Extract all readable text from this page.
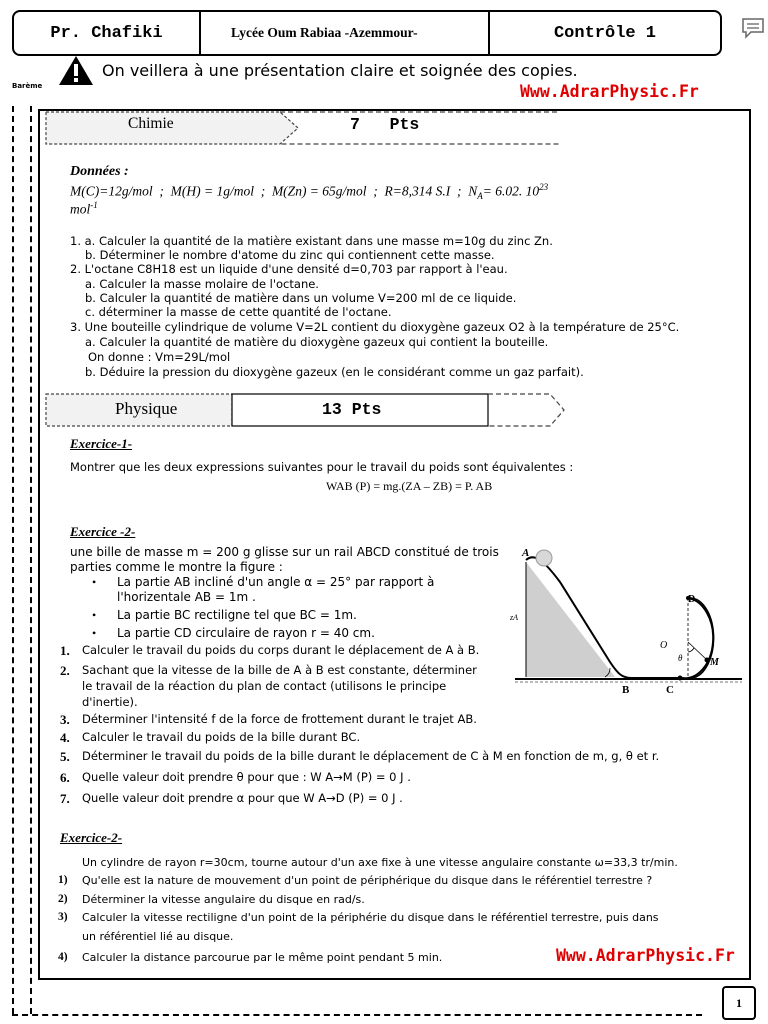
Pr. Chafiki	Lycée Oum Rabiaa -Azemmour-	Contrôle 1
On veillera à une présentation claire et soignée des copies.
Barème	Www.AdrarPhysic.Fr
Chimie	7   Pts
Données :
M(C)=12g/mol  ;  M(H) = 1g/mol  ;  M(Zn) = 65g/mol  ;  R=8,314 S.I  ;  $N_A= 6.02$. $10^{23}$
mol$^{-1}$
1. a. Calculer la quantité de la matière existant dans une masse m=10g du zinc Zn.
b. Déterminer le nombre d'atome du zinc qui contiennent cette masse.
2. L'octane C8H18 est un liquide d'une densité d=0,703 par rapport à l'eau.
a. Calculer la masse molaire de l'octane.
b. Calculer la quantité de matière dans un volume V=200 ml de ce liquide.
c. déterminer la masse de cette quantité de l'octane.
3. Une bouteille cylindrique de volume V=2L contient du dioxygène gazeux O2 à la température de 25°C.
a. Calculer la quantité de matière du dioxygène gazeux qui contient la bouteille.
On donne : Vm=29L/mol
b. Déduire la pression du dioxygène gazeux (en le considérant comme un gaz parfait).
Physique	13 Pts
Exercice-1-
Montrer que les deux expressions suivantes pour le travail du poids sont équivalentes :
WAB (P) = mg.(ZA – ZB) = P. AB
Exercice -2-
une bille de masse m = 200 g glisse sur un rail ABCD constitué de trois
parties comme le montre la figure :
• La partie AB incliné d'un angle α = 25° par rapport à
l'horizentale AB = 1m .
• La partie BC rectiligne tel que BC = 1m.
• La partie CD circulaire de rayon r = 40 cm.
1. Calculer le travail du poids du corps durant le déplacement de A à B.
2. Sachant que la vitesse de la bille de A à B est constante, déterminer
le travail de la réaction du plan de contact (utilisons le principe
d'inertie).
3. Déterminer l'intensité f de la force de frottement durant le trajet AB.
4. Calculer le travail du poids de la bille durant BC.
5. Déterminer le travail du poids de la bille durant le déplacement de C à M en fonction de m, g, θ et r.
6. Quelle valeur doit prendre θ pour que : W A→M (P) = 0 J .
7. Quelle valeur doit prendre α pour que W A→D (P) = 0 J .
A
B	C
D
O
M
θ
zA
Exercice-2-
Un cylindre de rayon r=30cm, tourne autour d'un axe fixe à une vitesse angulaire constante ω=33,3 tr/min.
1) Qu'elle est la nature de mouvement d'un point de périphérique du disque dans le référentiel terrestre ?
2) Déterminer la vitesse angulaire du disque en rad/s.
3) Calculer la vitesse rectiligne d'un point de la périphérie du disque dans le référentiel terrestre, puis dans
un référentiel lié au disque.
4) Calculer la distance parcourue par le même point pendant 5 min.	Www.AdrarPhysic.Fr
1
